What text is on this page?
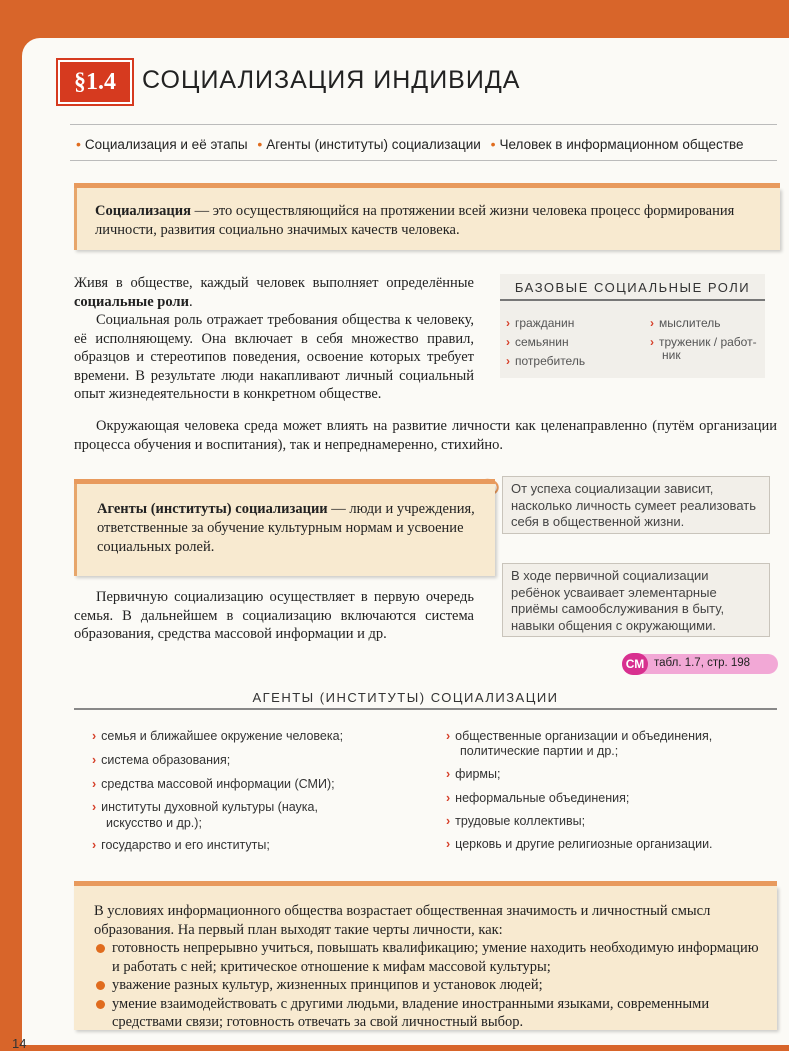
§1.4	СОЦИАЛИЗАЦИЯ ИНДИВИДА
• Социализация и её этапы • Агенты (институты) социализации • Человек в информационном обществе

Социализация — это осуществляющийся на протяжении всей жизни человека процесс формирования личности, развития социально значимых качеств человека.

Живя в обществе, каждый человек выполняет определённые социальные роли.

Социальная роль отражает требования общества к человеку, её исполняющему. Она включает в себя множество правил, образцов и стереотипов поведения, освоение которых требует времени. В результате люди накапливают личный социальный опыт жизнедеятельности в конкретном обществе.

Окружающая человека среда может влиять на развитие личности как целенаправленно (путём организации процесса обучения и воспитания), так и непреднамеренно, стихийно.

БАЗОВЫЕ СОЦИАЛЬНЫЕ РОЛИ
› гражданин
› семьянин
› потребитель
› мыслитель
› труженик / работ-
ник
От успеха социализации зависит, насколько личность сумеет реализовать себя в общественной жизни.

Агенты (институты) социализации — люди и учреждения, ответственные за обучение культурным нормам и усвоение социальных ролей.

В ходе первичной социализации ребёнок усваивает элементарные приёмы самообслуживания в быту, навыки общения с окружающими.

Первичную социализацию осуществляет в первую очередь семья. В дальнейшем в социализацию включаются система образования, средства массовой информации и др.

СМ табл. 1.7, стр. 198
АГЕНТЫ (ИНСТИТУТЫ) СОЦИАЛИЗАЦИИ
› семья и ближайшее окружение человека;
› система образования;
› средства массовой информации (СМИ);
› институты духовной культуры (наука,
искусство и др.);
› государство и его институты;
› общественные организации и объединения,
политические партии и др.;
› фирмы;
› неформальные объединения;
› трудовые коллективы;
› церковь и другие религиозные организации.
В условиях информационного общества возрастает общественная значимость и личностный смысл образования. На первый план выходят такие черты личности, как:
готовность непрерывно учиться, повышать квалификацию; умение находить необходимую информацию и работать с ней; критическое отношение к мифам массовой культуры;
уважение разных культур, жизненных принципов и установок людей;
умение взаимодействовать с другими людьми, владение иностранными языками, современными средствами связи; готовность отвечать за свой личностный выбор.
14
